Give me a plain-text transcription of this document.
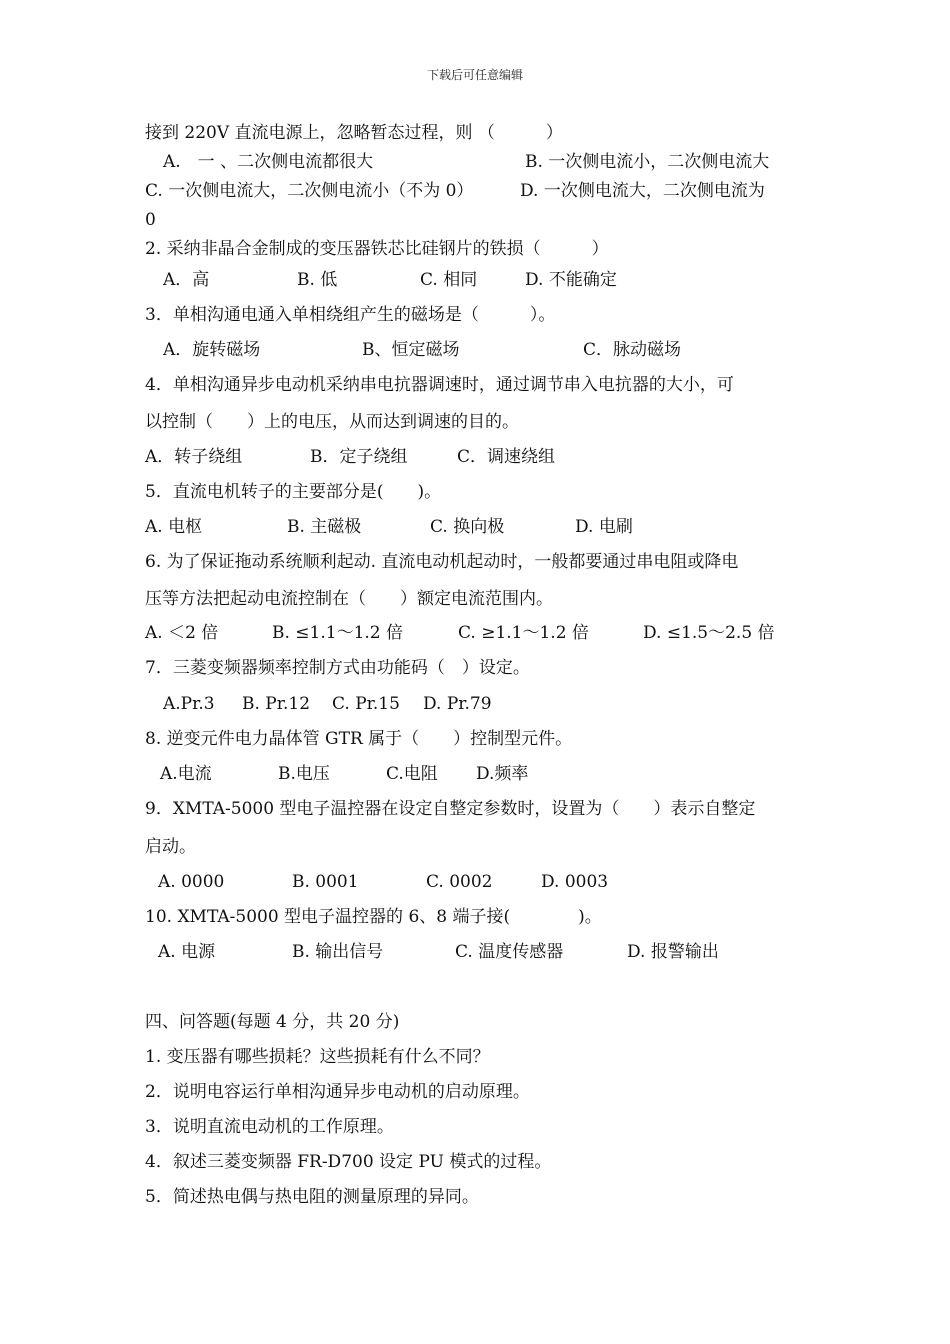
下载后可任意编辑
接到 220V 直流电源上，忽略暂态过程，则 （　　　）
A.　一 、二次侧电流都很大	B. 一次侧电流小，二次侧电流大
C. 一次侧电流大，二次侧电流小（不为 0）	D. 一次侧电流大，二次侧电流为
0
2. 采纳非晶合金制成的变压器铁芯比硅钢片的铁损（　　　）
A．高	B. 低	C. 相同	D. 不能确定
3．单相沟通电通入单相绕组产生的磁场是（　　　）。
A．旋转磁场	B、恒定磁场	C．脉动磁场
4．单相沟通异步电动机采纳串电抗器调速时，通过调节串入电抗器的大小，可
以控制（　　）上的电压，从而达到调速的目的。
A．转子绕组	B．定子绕组	C．调速绕组
5．直流电机转子的主要部分是(　　)。
A. 电枢	B. 主磁极	C. 换向极	D. 电刷
6. 为了保证拖动系统顺利起动. 直流电动机起动时，一般都要通过串电阻或降电
压等方法把起动电流控制在（　　）额定电流范围内。
A. ＜2 倍	B. ≤1.1～1.2 倍	C. ≥1.1～1.2 倍	D. ≤1.5～2.5 倍
7．三菱变频器频率控制方式由功能码（　）设定。
A.Pr.3 B. Pr.12 C. Pr.15 D. Pr.79
8. 逆变元件电力晶体管 GTR 属于（　　）控制型元件。
A.电流	B.电压	C.电阻 D.频率
9．XMTA-5000 型电子温控器在设定自整定参数时，设置为（　　）表示自整定
启动。
A. 0000	B. 0001	C. 0002	D. 0003
10. XMTA-5000 型电子温控器的 6、8 端子接(　　　　)。
A. 电源	B. 输出信号	C. 温度传感器	D. 报警输出
四、问答题(每题 4 分，共 20 分)
1. 变压器有哪些损耗？这些损耗有什么不同？
2．说明电容运行单相沟通异步电动机的启动原理。
3．说明直流电动机的工作原理。
4．叙述三菱变频器 FR-D700 设定 PU 模式的过程。
5．简述热电偶与热电阻的测量原理的异同。
